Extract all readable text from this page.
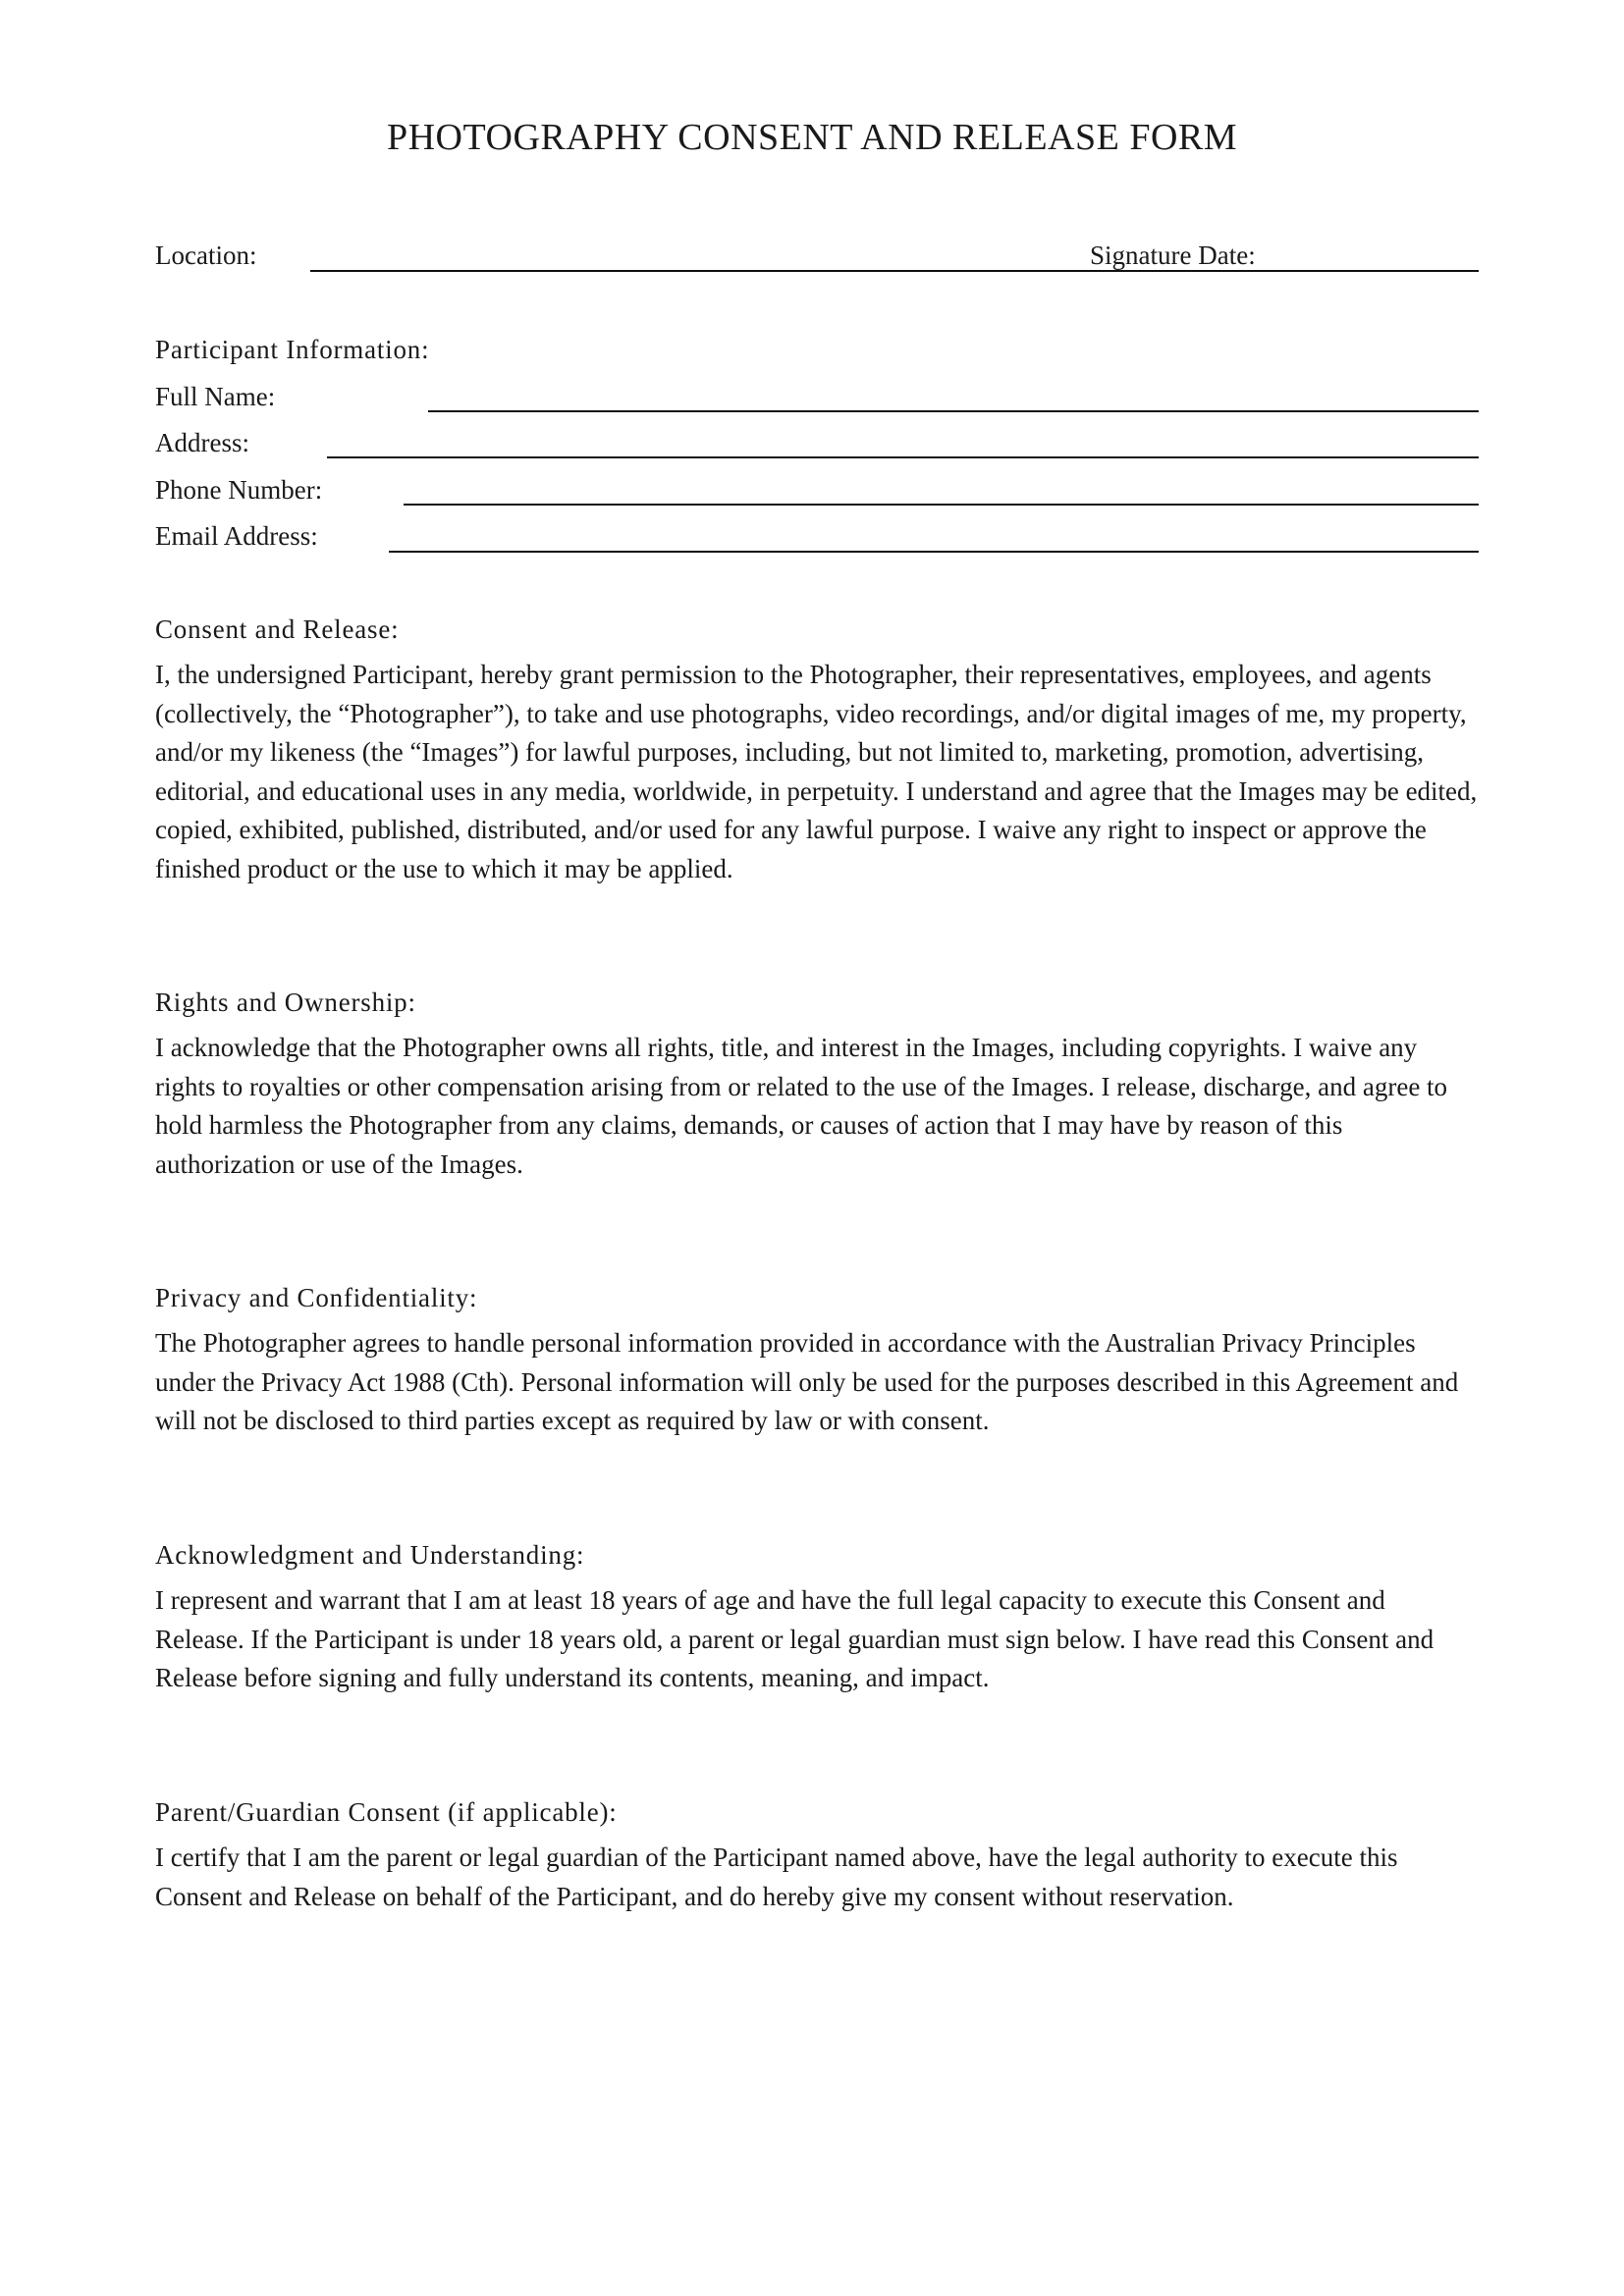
PHOTOGRAPHY CONSENT AND RELEASE FORM
Location:	Signature Date:
Participant Information:
Full Name:
Address:
Phone Number:
Email Address:
Consent and Release:
I, the undersigned Participant, hereby grant permission to the Photographer, their representatives, employees, and agents (collectively, the “Photographer”), to take and use photographs, video recordings, and/or digital images of me, my property, and/or my likeness (the “Images”) for lawful purposes, including, but not limited to, marketing, promotion, advertising, editorial, and educational uses in any media, worldwide, in perpetuity. I understand and agree that the Images may be edited, copied, exhibited, published, distributed, and/or used for any lawful purpose. I waive any right to inspect or approve the finished product or the use to which it may be applied.
Rights and Ownership:
I acknowledge that the Photographer owns all rights, title, and interest in the Images, including copyrights. I waive any rights to royalties or other compensation arising from or related to the use of the Images. I release, discharge, and agree to hold harmless the Photographer from any claims, demands, or causes of action that I may have by reason of this authorization or use of the Images.
Privacy and Confidentiality:
The Photographer agrees to handle personal information provided in accordance with the Australian Privacy Principles under the Privacy Act 1988 (Cth). Personal information will only be used for the purposes described in this Agreement and will not be disclosed to third parties except as required by law or with consent.
Acknowledgment and Understanding:
I represent and warrant that I am at least 18 years of age and have the full legal capacity to execute this Consent and Release. If the Participant is under 18 years old, a parent or legal guardian must sign below. I have read this Consent and Release before signing and fully understand its contents, meaning, and impact.
Parent/Guardian Consent (if applicable):
I certify that I am the parent or legal guardian of the Participant named above, have the legal authority to execute this Consent and Release on behalf of the Participant, and do hereby give my consent without reservation.
